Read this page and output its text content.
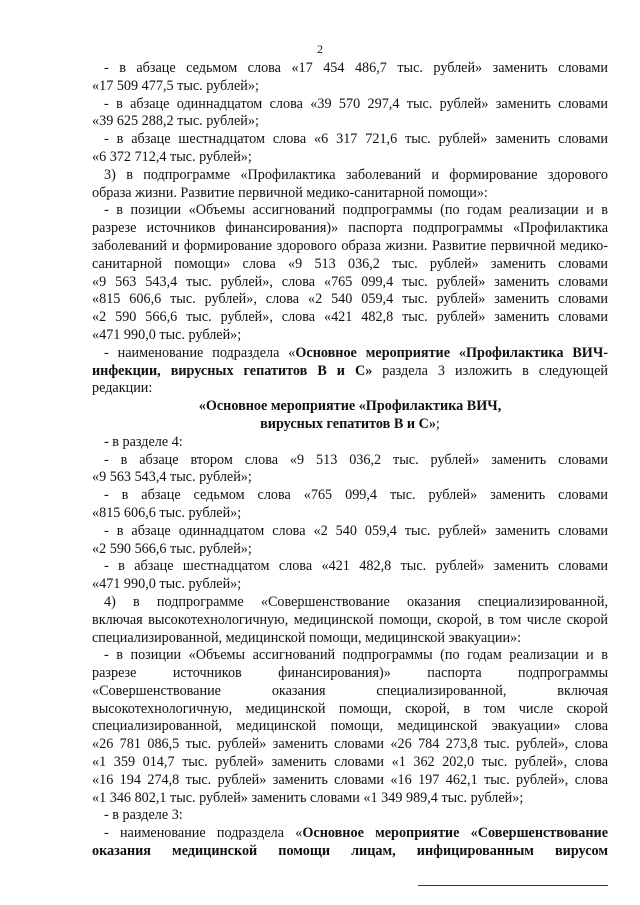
2
- в абзаце седьмом слова «17 454 486,7 тыс. рублей» заменить словами
«17 509 477,5 тыс. рублей»;
- в абзаце одиннадцатом слова «39 570 297,4 тыс. рублей» заменить словами
«39 625 288,2 тыс. рублей»;
- в абзаце шестнадцатом слова «6 317 721,6 тыс. рублей» заменить словами
«6 372 712,4 тыс. рублей»;
3) в подпрограмме «Профилактика заболеваний и формирование здорового
образа жизни. Развитие первичной медико-санитарной помощи»:
- в позиции «Объемы ассигнований подпрограммы (по годам реализации и в
разрезе источников финансирования)» паспорта подпрограммы «Профилактика
заболеваний и формирование здорового образа жизни. Развитие первичной медико-
санитарной помощи» слова «9 513 036,2 тыс. рублей» заменить словами
«9 563 543,4 тыс. рублей», слова «765 099,4 тыс. рублей» заменить словами
«815 606,6 тыс. рублей», слова «2 540 059,4 тыс. рублей» заменить словами
«2 590 566,6 тыс. рублей», слова «421 482,8 тыс. рублей» заменить словами
«471 990,0 тыс. рублей»;
- наименование подраздела «Основное мероприятие «Профилактика ВИЧ-
инфекции, вирусных гепатитов В и С» раздела 3 изложить в следующей
редакции:
«Основное мероприятие «Профилактика ВИЧ,
вирусных гепатитов В и С»;
- в разделе 4:
- в абзаце втором слова «9 513 036,2 тыс. рублей» заменить словами
«9 563 543,4 тыс. рублей»;
- в абзаце седьмом слова «765 099,4 тыс. рублей» заменить словами
«815 606,6 тыс. рублей»;
- в абзаце одиннадцатом слова «2 540 059,4 тыс. рублей» заменить словами
«2 590 566,6 тыс. рублей»;
- в абзаце шестнадцатом слова «421 482,8 тыс. рублей» заменить словами
«471 990,0 тыс. рублей»;
4) в подпрограмме «Совершенствование оказания специализированной,
включая высокотехнологичную, медицинской помощи, скорой, в том числе скорой
специализированной, медицинской помощи, медицинской эвакуации»:
- в позиции «Объемы ассигнований подпрограммы (по годам реализации и в
разрезе источников финансирования)» паспорта подпрограммы
«Совершенствование оказания специализированной, включая
высокотехнологичную, медицинской помощи, скорой, в том числе скорой
специализированной, медицинской помощи, медицинской эвакуации» слова
«26 781 086,5 тыс. рублей» заменить словами «26 784 273,8 тыс. рублей», слова
«1 359 014,7 тыс. рублей» заменить словами «1 362 202,0 тыс. рублей», слова
«16 194 274,8 тыс. рублей» заменить словами «16 197 462,1 тыс. рублей», слова
«1 346 802,1 тыс. рублей» заменить словами «1 349 989,4 тыс. рублей»;
- в разделе 3:
- наименование подраздела «Основное мероприятие «Совершенствование
оказания медицинской помощи лицам, инфицированным вирусом
